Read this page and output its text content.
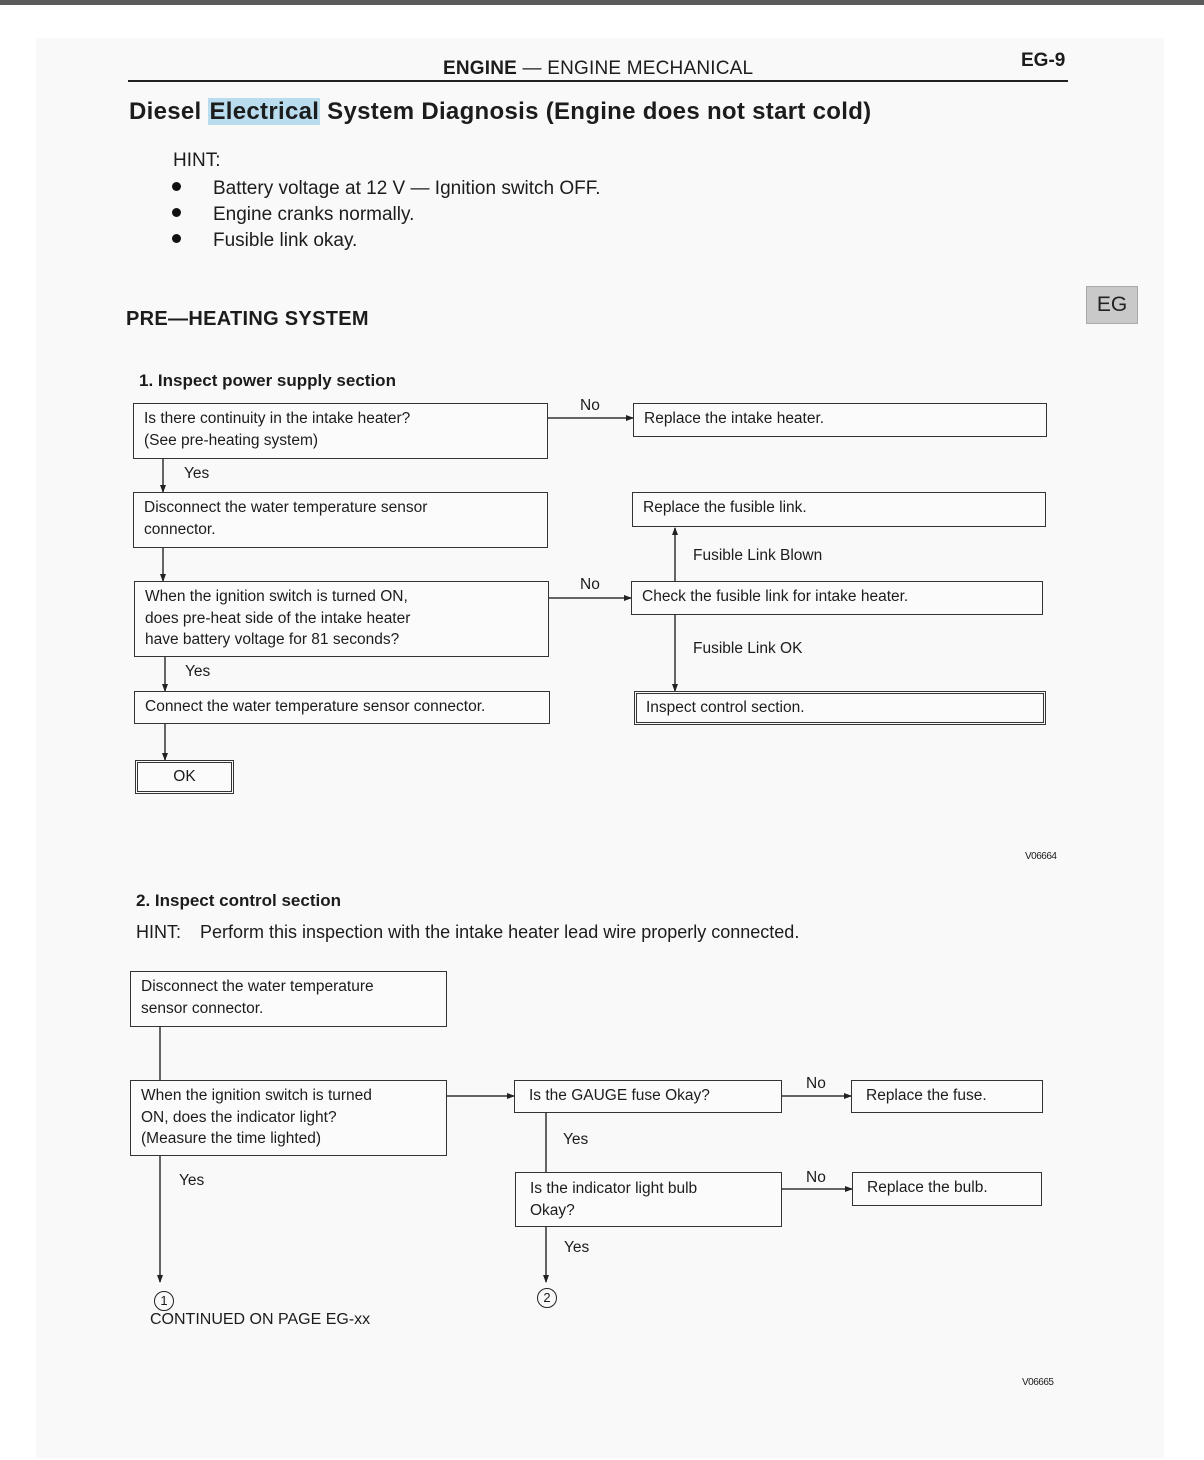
ENGINE — ENGINE MECHANICAL	EG-9
Diesel Electrical System Diagnosis (Engine does not start cold)
HINT:
Battery voltage at 12 V — Ignition switch OFF.
Engine cranks normally.
Fusible link okay.
PRE—HEATING SYSTEM
EG
1. Inspect power supply section
Is there continuity in the intake heater?
(See pre-heating system)
No
Replace the intake heater.
Yes
Disconnect the water temperature sensor
connector.
Replace the fusible link.
Fusible Link Blown
When the ignition switch is turned ON,
does pre-heat side of the intake heater
have battery voltage for 81 seconds?
No
Check the fusible link for intake heater.
Fusible Link OK
Yes
Connect the water temperature sensor connector.	Inspect control section.
OK
V06664
2. Inspect control section
HINT: Perform this inspection with the intake heater lead wire properly connected.
Disconnect the water temperature
sensor connector.
When the ignition switch is turned
ON, does the indicator light?
(Measure the time lighted)
Is the GAUGE fuse Okay?
No
Replace the fuse.
Yes
Yes	Is the indicator light bulb
Okay?
No
Replace the bulb.
Yes
1	2
CONTINUED ON PAGE EG-xx
V06665
